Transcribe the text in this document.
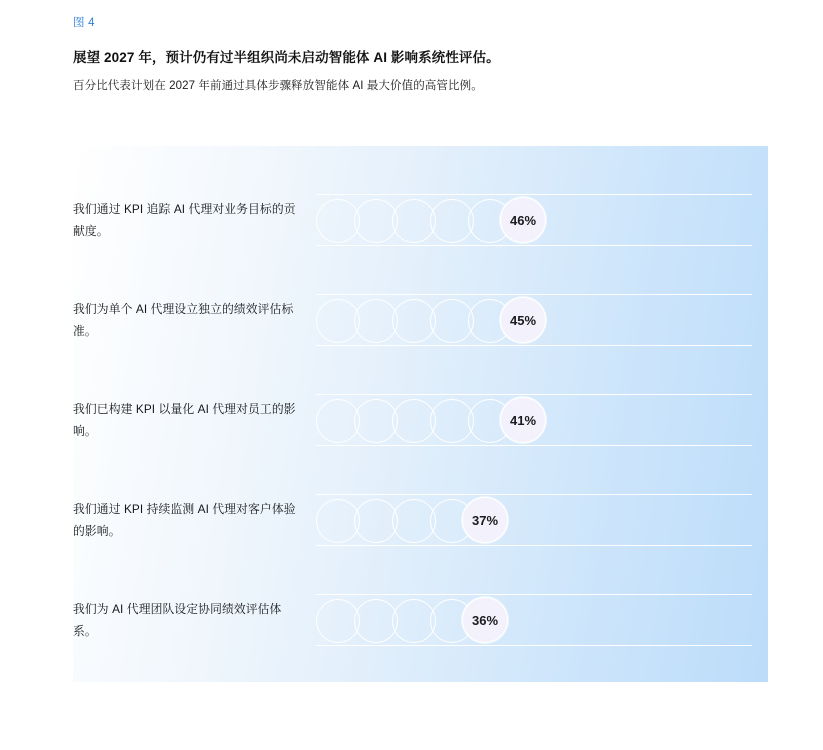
图 4
展望 2027 年，预计仍有过半组织尚未启动智能体 AI 影响系统性评估。
百分比代表计划在 2027 年前通过具体步骤释放智能体 AI 最大价值的高管比例。
我们通过 KPI 追踪 AI 代理对业务目标的贡献度。
46%
我们为单个 AI 代理设立独立的绩效评估标准。
45%
我们已构建 KPI 以量化 AI 代理对员工的影响。
41%
我们通过 KPI 持续监测 AI 代理对客户体验的影响。
37%
我们为 AI 代理团队设定协同绩效评估体系。
36%
